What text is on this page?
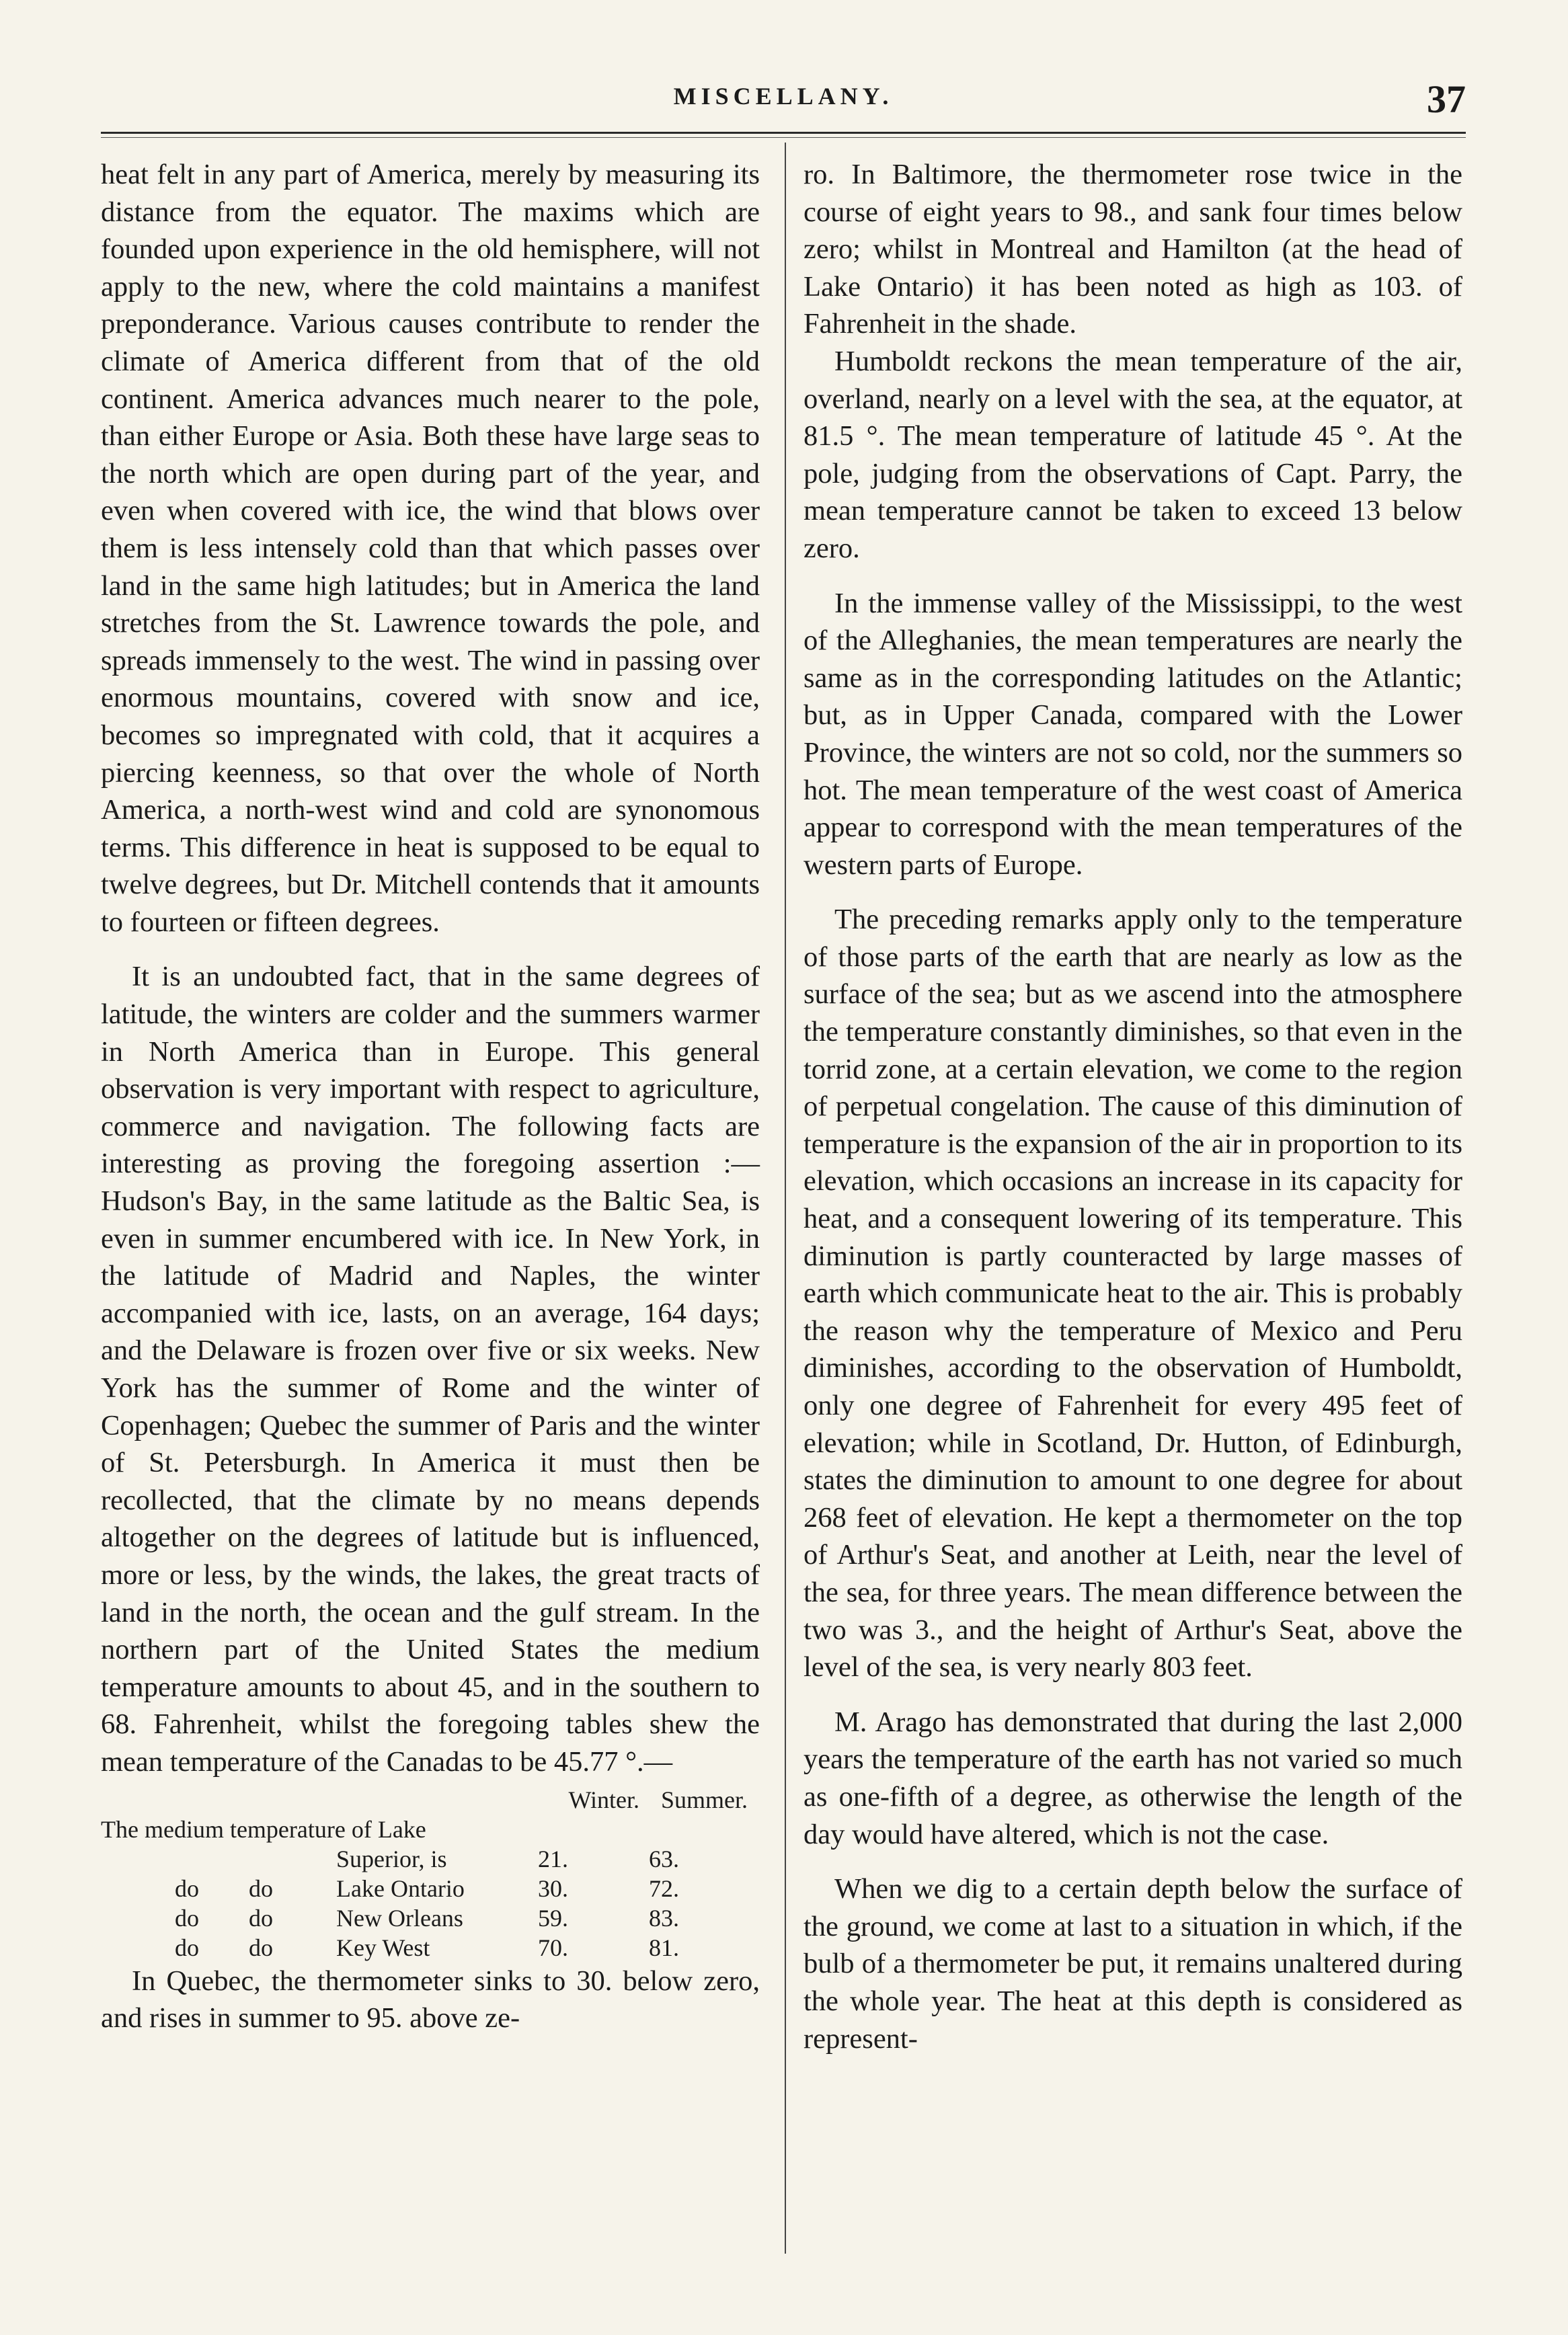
MISCELLANY.	37

heat felt in any part of America, merely by measuring its distance from the equator. The maxims which are founded upon experience in the old hemisphere, will not apply to the new, where the cold maintains a manifest preponderance. Various causes contribute to render the climate of America different from that of the old continent. America advances much nearer to the pole, than either Europe or Asia. Both these have large seas to the north which are open during part of the year, and even when covered with ice, the wind that blows over them is less intensely cold than that which passes over land in the same high latitudes; but in America the land stretches from the St. Lawrence towards the pole, and spreads immensely to the west. The wind in passing over enormous mountains, covered with snow and ice, becomes so impregnated with cold, that it acquires a piercing keenness, so that over the whole of North America, a north-west wind and cold are synonomous terms. This difference in heat is supposed to be equal to twelve degrees, but Dr. Mitchell contends that it amounts to fourteen or fifteen degrees.

It is an undoubted fact, that in the same degrees of latitude, the winters are colder and the summers warmer in North America than in Europe. This general observation is very important with respect to agriculture, commerce and navigation. The following facts are interesting as proving the foregoing assertion :—Hudson's Bay, in the same latitude as the Baltic Sea, is even in summer encumbered with ice. In New York, in the latitude of Madrid and Naples, the winter accompanied with ice, lasts, on an average, 164 days; and the Delaware is frozen over five or six weeks. New York has the summer of Rome and the winter of Copenhagen; Quebec the summer of Paris and the winter of St. Petersburgh. In America it must then be recollected, that the climate by no means depends altogether on the degrees of latitude but is influenced, more or less, by the winds, the lakes, the great tracts of land in the north, the ocean and the gulf stream. In the northern part of the United States the medium temperature amounts to about 45, and in the southern to 68. Fahrenheit, whilst the foregoing tables shew the mean temperature of the Canadas to be 45.77 °.—

Winter. Summer.
The medium temperature of Lake
Superior, is	21.	63.
do	do	Lake Ontario	30.	72.
do	do	New Orleans	59.	83.
do	do	Key West	70.	81.

In Quebec, the thermometer sinks to 30. below zero, and rises in summer to 95. above ze-

ro. In Baltimore, the thermometer rose twice in the course of eight years to 98., and sank four times below zero; whilst in Montreal and Hamilton (at the head of Lake Ontario) it has been noted as high as 103. of Fahrenheit in the shade.

Humboldt reckons the mean temperature of the air, overland, nearly on a level with the sea, at the equator, at 81.5 °. The mean temperature of latitude 45 °. At the pole, judging from the observations of Capt. Parry, the mean temperature cannot be taken to exceed 13 below zero.

In the immense valley of the Mississippi, to the west of the Alleghanies, the mean temperatures are nearly the same as in the corresponding latitudes on the Atlantic; but, as in Upper Canada, compared with the Lower Province, the winters are not so cold, nor the summers so hot. The mean temperature of the west coast of America appear to correspond with the mean temperatures of the western parts of Europe.

The preceding remarks apply only to the temperature of those parts of the earth that are nearly as low as the surface of the sea; but as we ascend into the atmosphere the temperature constantly diminishes, so that even in the torrid zone, at a certain elevation, we come to the region of perpetual congelation. The cause of this diminution of temperature is the expansion of the air in proportion to its elevation, which occasions an increase in its capacity for heat, and a consequent lowering of its temperature. This diminution is partly counteracted by large masses of earth which communicate heat to the air. This is probably the reason why the temperature of Mexico and Peru diminishes, according to the observation of Humboldt, only one degree of Fahrenheit for every 495 feet of elevation; while in Scotland, Dr. Hutton, of Edinburgh, states the diminution to amount to one degree for about 268 feet of elevation. He kept a thermometer on the top of Arthur's Seat, and another at Leith, near the level of the sea, for three years. The mean difference between the two was 3., and the height of Arthur's Seat, above the level of the sea, is very nearly 803 feet.

M. Arago has demonstrated that during the last 2,000 years the temperature of the earth has not varied so much as one-fifth of a degree, as otherwise the length of the day would have altered, which is not the case.

When we dig to a certain depth below the surface of the ground, we come at last to a situation in which, if the bulb of a thermometer be put, it remains unaltered during the whole year. The heat at this depth is considered as represent-
